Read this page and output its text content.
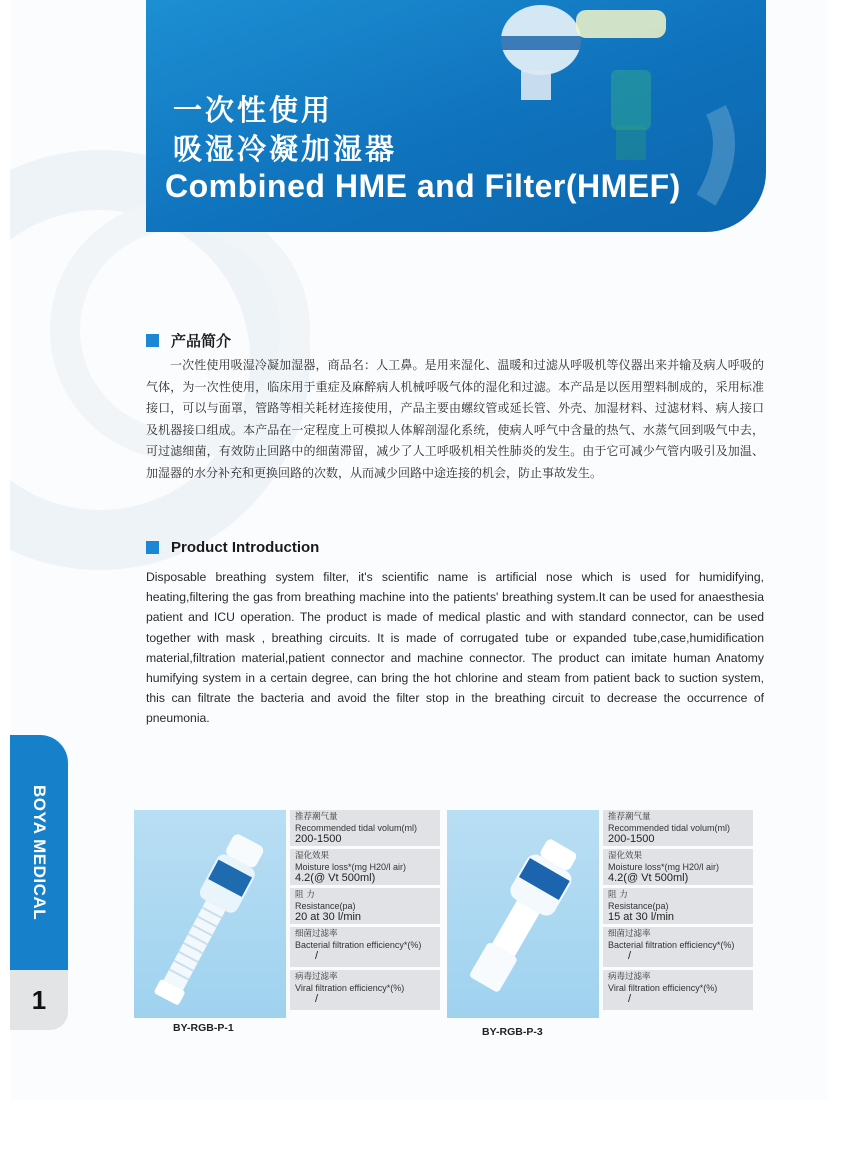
一次性使用
吸湿冷凝加湿器
Combined HME and Filter(HMEF)
产品简介

一次性使用吸湿冷凝加湿器，商品名：人工鼻。是用来湿化、温暖和过滤从呼吸机等仪器出来并输及病人呼吸的气体，为一次性使用，临床用于重症及麻醉病人机械呼吸气体的湿化和过滤。本产品是以医用塑料制成的，采用标准接口，可以与面罩，管路等相关耗材连接使用，产品主要由螺纹管或延长管、外壳、加湿材料、过滤材料、病人接口及机器接口组成。本产品在一定程度上可模拟人体解剖湿化系统，使病人呼气中含量的热气、水蒸气回到吸气中去，可过滤细菌，有效防止回路中的细菌滞留，减少了人工呼吸机相关性肺炎的发生。由于它可减少气管内吸引及加温、加湿器的水分补充和更换回路的次数，从而减少回路中途连接的机会，防止事故发生。

Product Introduction

Disposable breathing system filter, it's scientific name is artificial nose which is used for humidifying, heating,filtering the gas from breathing machine into the patients' breathing system.It can be used for anaesthesia patient and ICU operation. The product is made of medical plastic and with standard connector, can be used together with mask , breathing circuits. It is made of corrugated tube or expanded tube,case,humidification material,filtration material,patient connector and machine connector. The product can imitate human Anatomy humifying system in a certain degree, can bring the hot chlorine and steam from patient back to suction system, this can filtrate the bacteria and avoid the filter stop in the breathing circuit to decrease the occurrence of pneumonia.

BOYA MEDICAL
1
推荐潮气量
Recommended tidal volum(ml)
200-1500
湿化效果
Moisture loss*(mg H20/l air)
4.2(@ Vt 500ml)
阻 力
Resistance(pa)
20 at 30 l/min
细菌过滤率
Bacterial filtration efficiency*(%)
/
病毒过滤率
Viral filtration efficiency*(%)
/

BY-RGB-P-1

推荐潮气量
Recommended tidal volum(ml)
200-1500
湿化效果
Moisture loss*(mg H20/l air)
4.2(@ Vt 500ml)
阻 力
Resistance(pa)
15 at 30 l/min
细菌过滤率
Bacterial filtration efficiency*(%)
/
病毒过滤率
Viral filtration efficiency*(%)
/

BY-RGB-P-3
